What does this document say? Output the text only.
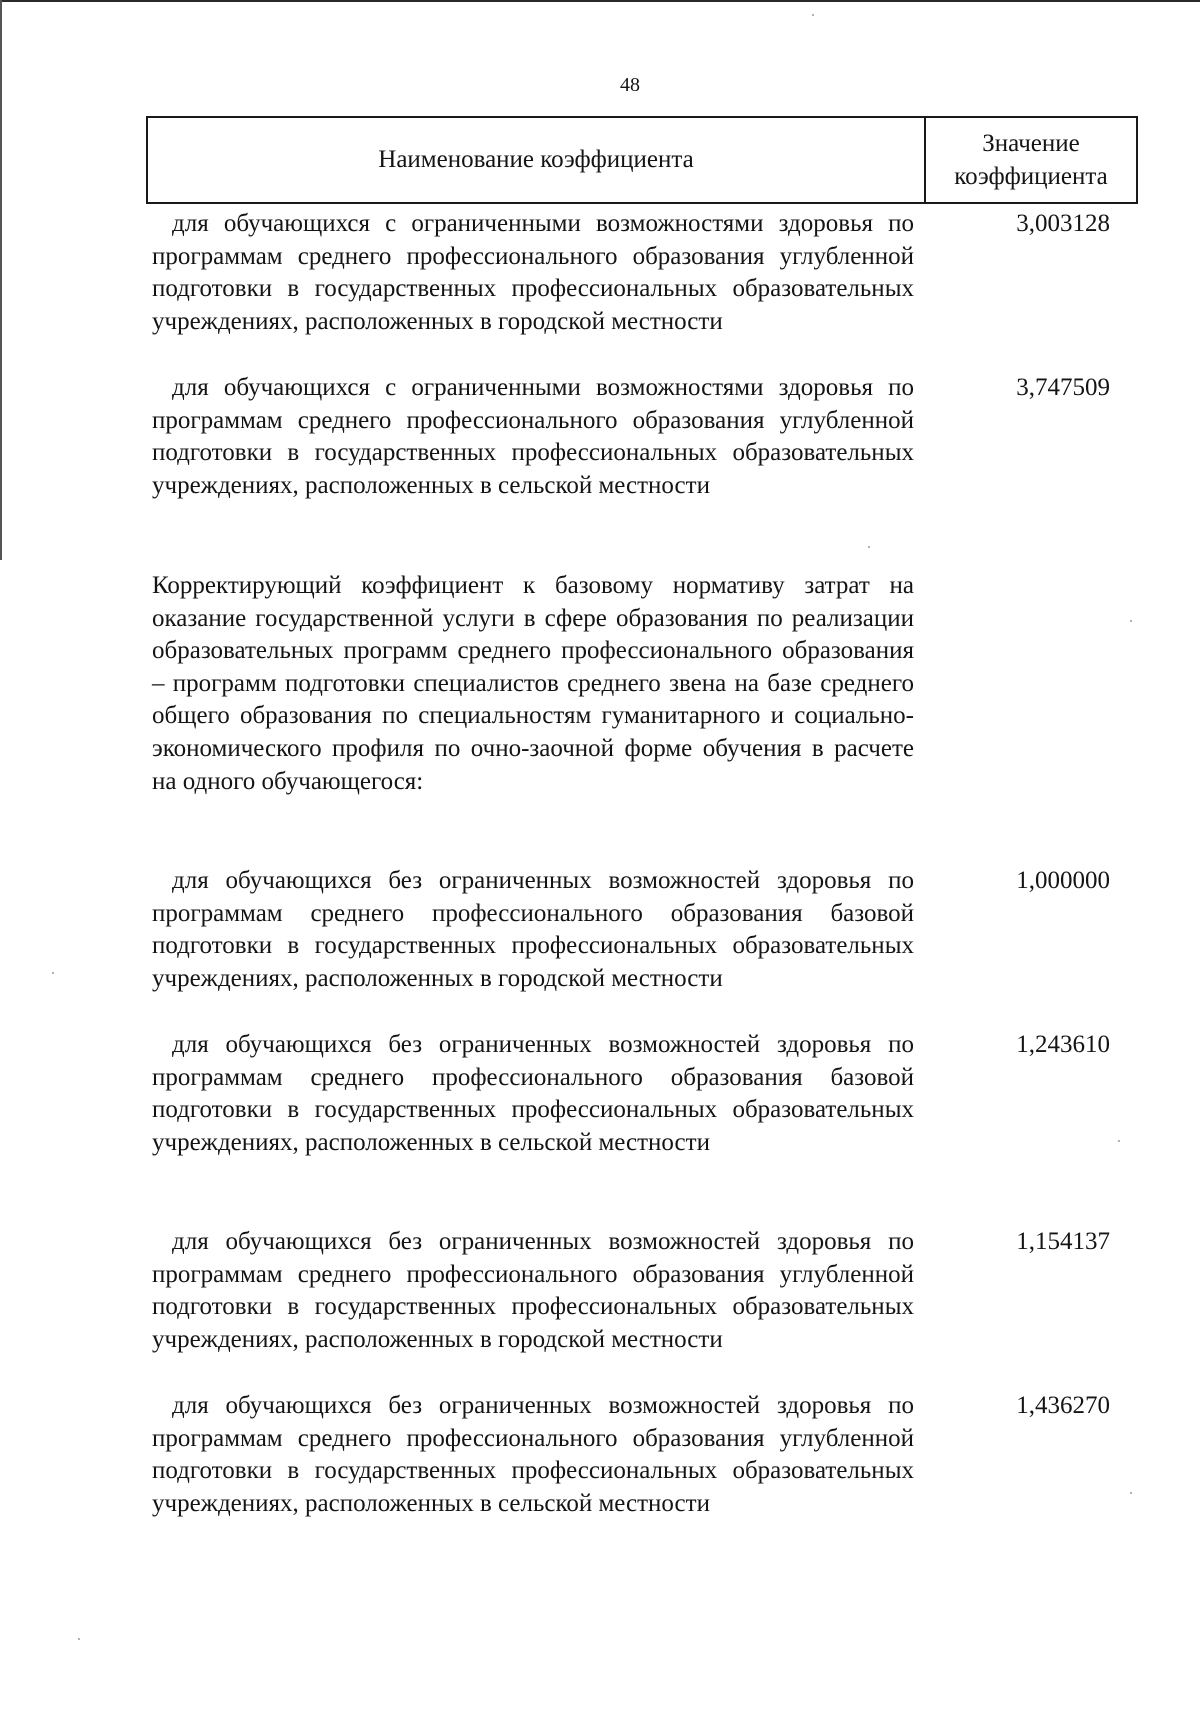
48
Наименование коэффициента
Значение коэффициента
для обучающихся с ограниченными возможностями здоровья по программам среднего профессионального образования углубленной подготовки в государственных профессиональных образовательных учреждениях, расположенных в городской местности
3,003128
для обучающихся с ограниченными возможностями здоровья по программам среднего профессионального образования углубленной подготовки в государственных профессиональных образовательных учреждениях, расположенных в сельской местности
3,747509
Корректирующий коэффициент к базовому нормативу затрат на оказание государственной услуги в сфере образования по реализации образовательных программ среднего профессионального образования – программ подготовки специалистов среднего звена на базе среднего общего образования по специальностям гуманитарного и социально-экономического профиля по очно-заочной форме обучения в расчете на одного обучающегося:
для обучающихся без ограниченных возможностей здоровья по программам среднего профессионального образования базовой подготовки в государственных профессиональных образовательных учреждениях, расположенных в городской местности
1,000000
для обучающихся без ограниченных возможностей здоровья по программам среднего профессионального образования базовой подготовки в государственных профессиональных образовательных учреждениях, расположенных в сельской местности
1,243610
для обучающихся без ограниченных возможностей здоровья по программам среднего профессионального образования углубленной подготовки в государственных профессиональных образовательных учреждениях, расположенных в городской местности
1,154137
для обучающихся без ограниченных возможностей здоровья по программам среднего профессионального образования углубленной подготовки в государственных профессиональных образовательных учреждениях, расположенных в сельской местности
1,436270
